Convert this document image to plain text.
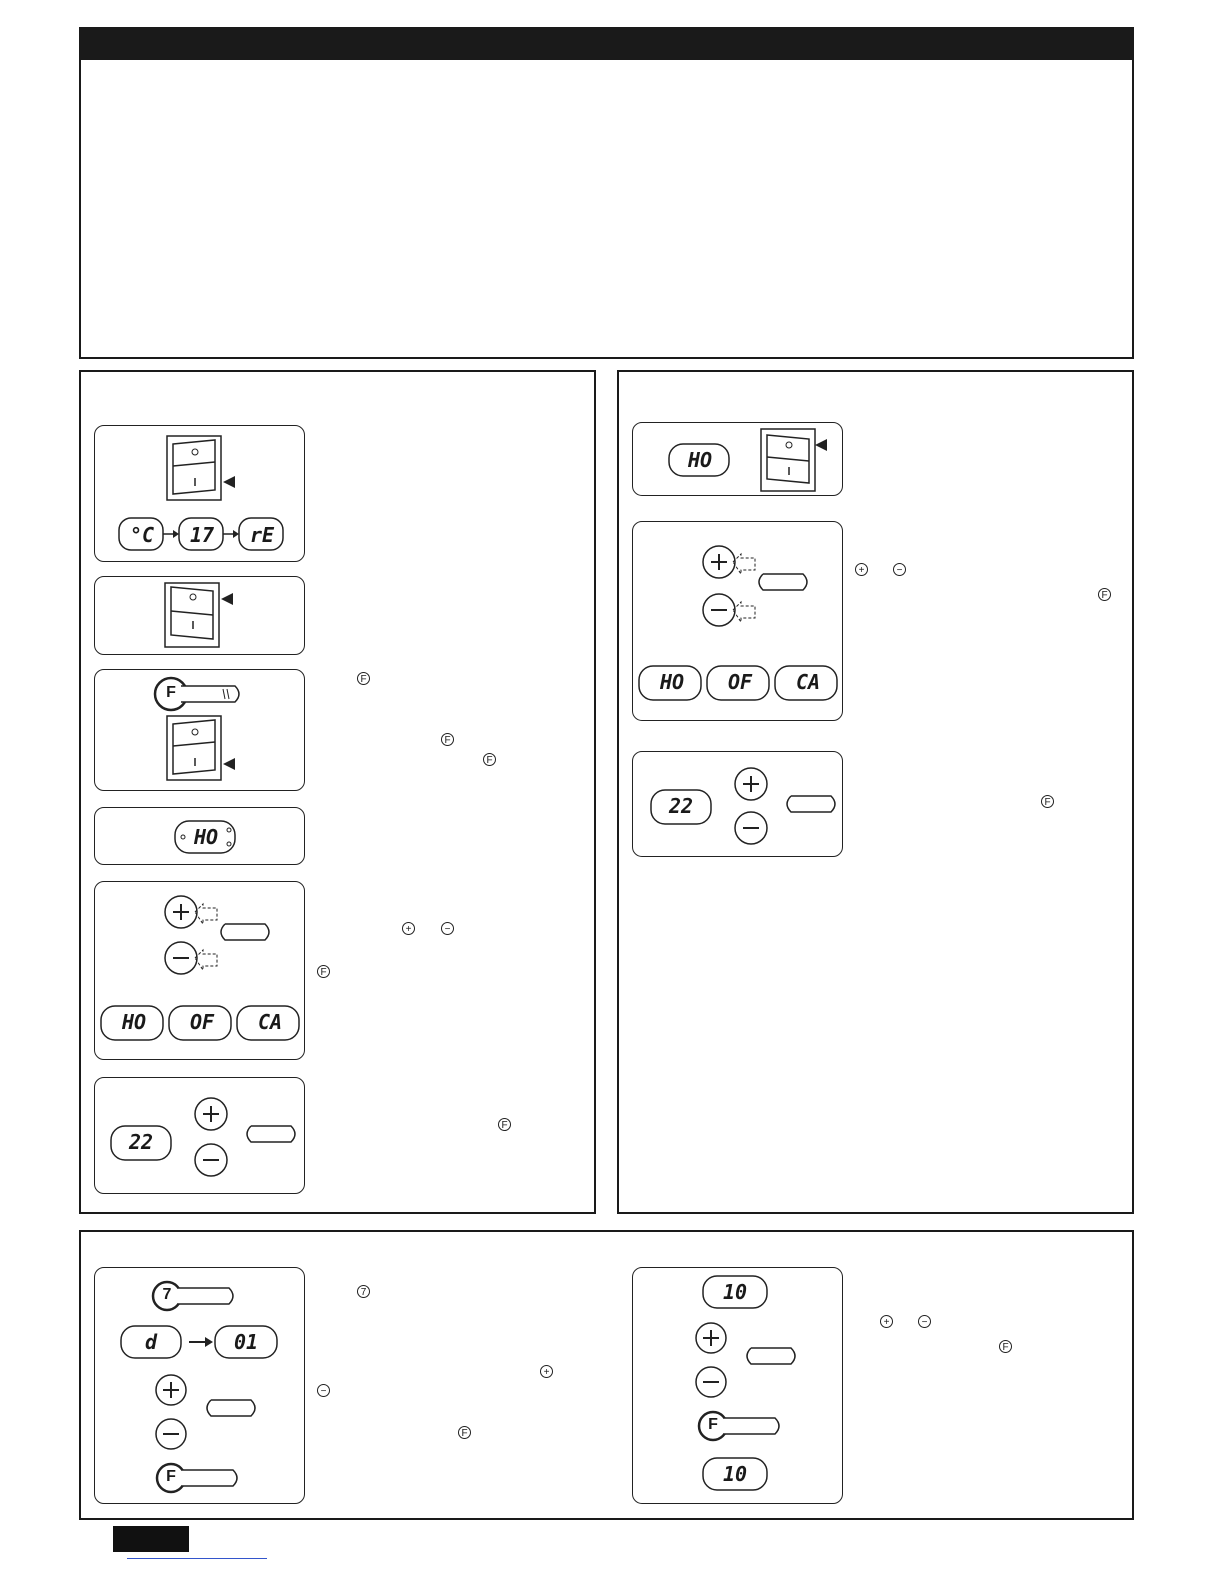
°C 17 rE
F
HO
HO	OF	CA
22
F
F
F
+	−
F
F
HO
HO	OF	CA
22
+	−
F
F
7
d	01
F
10
F
10
7
+
−
F
+	−
F
